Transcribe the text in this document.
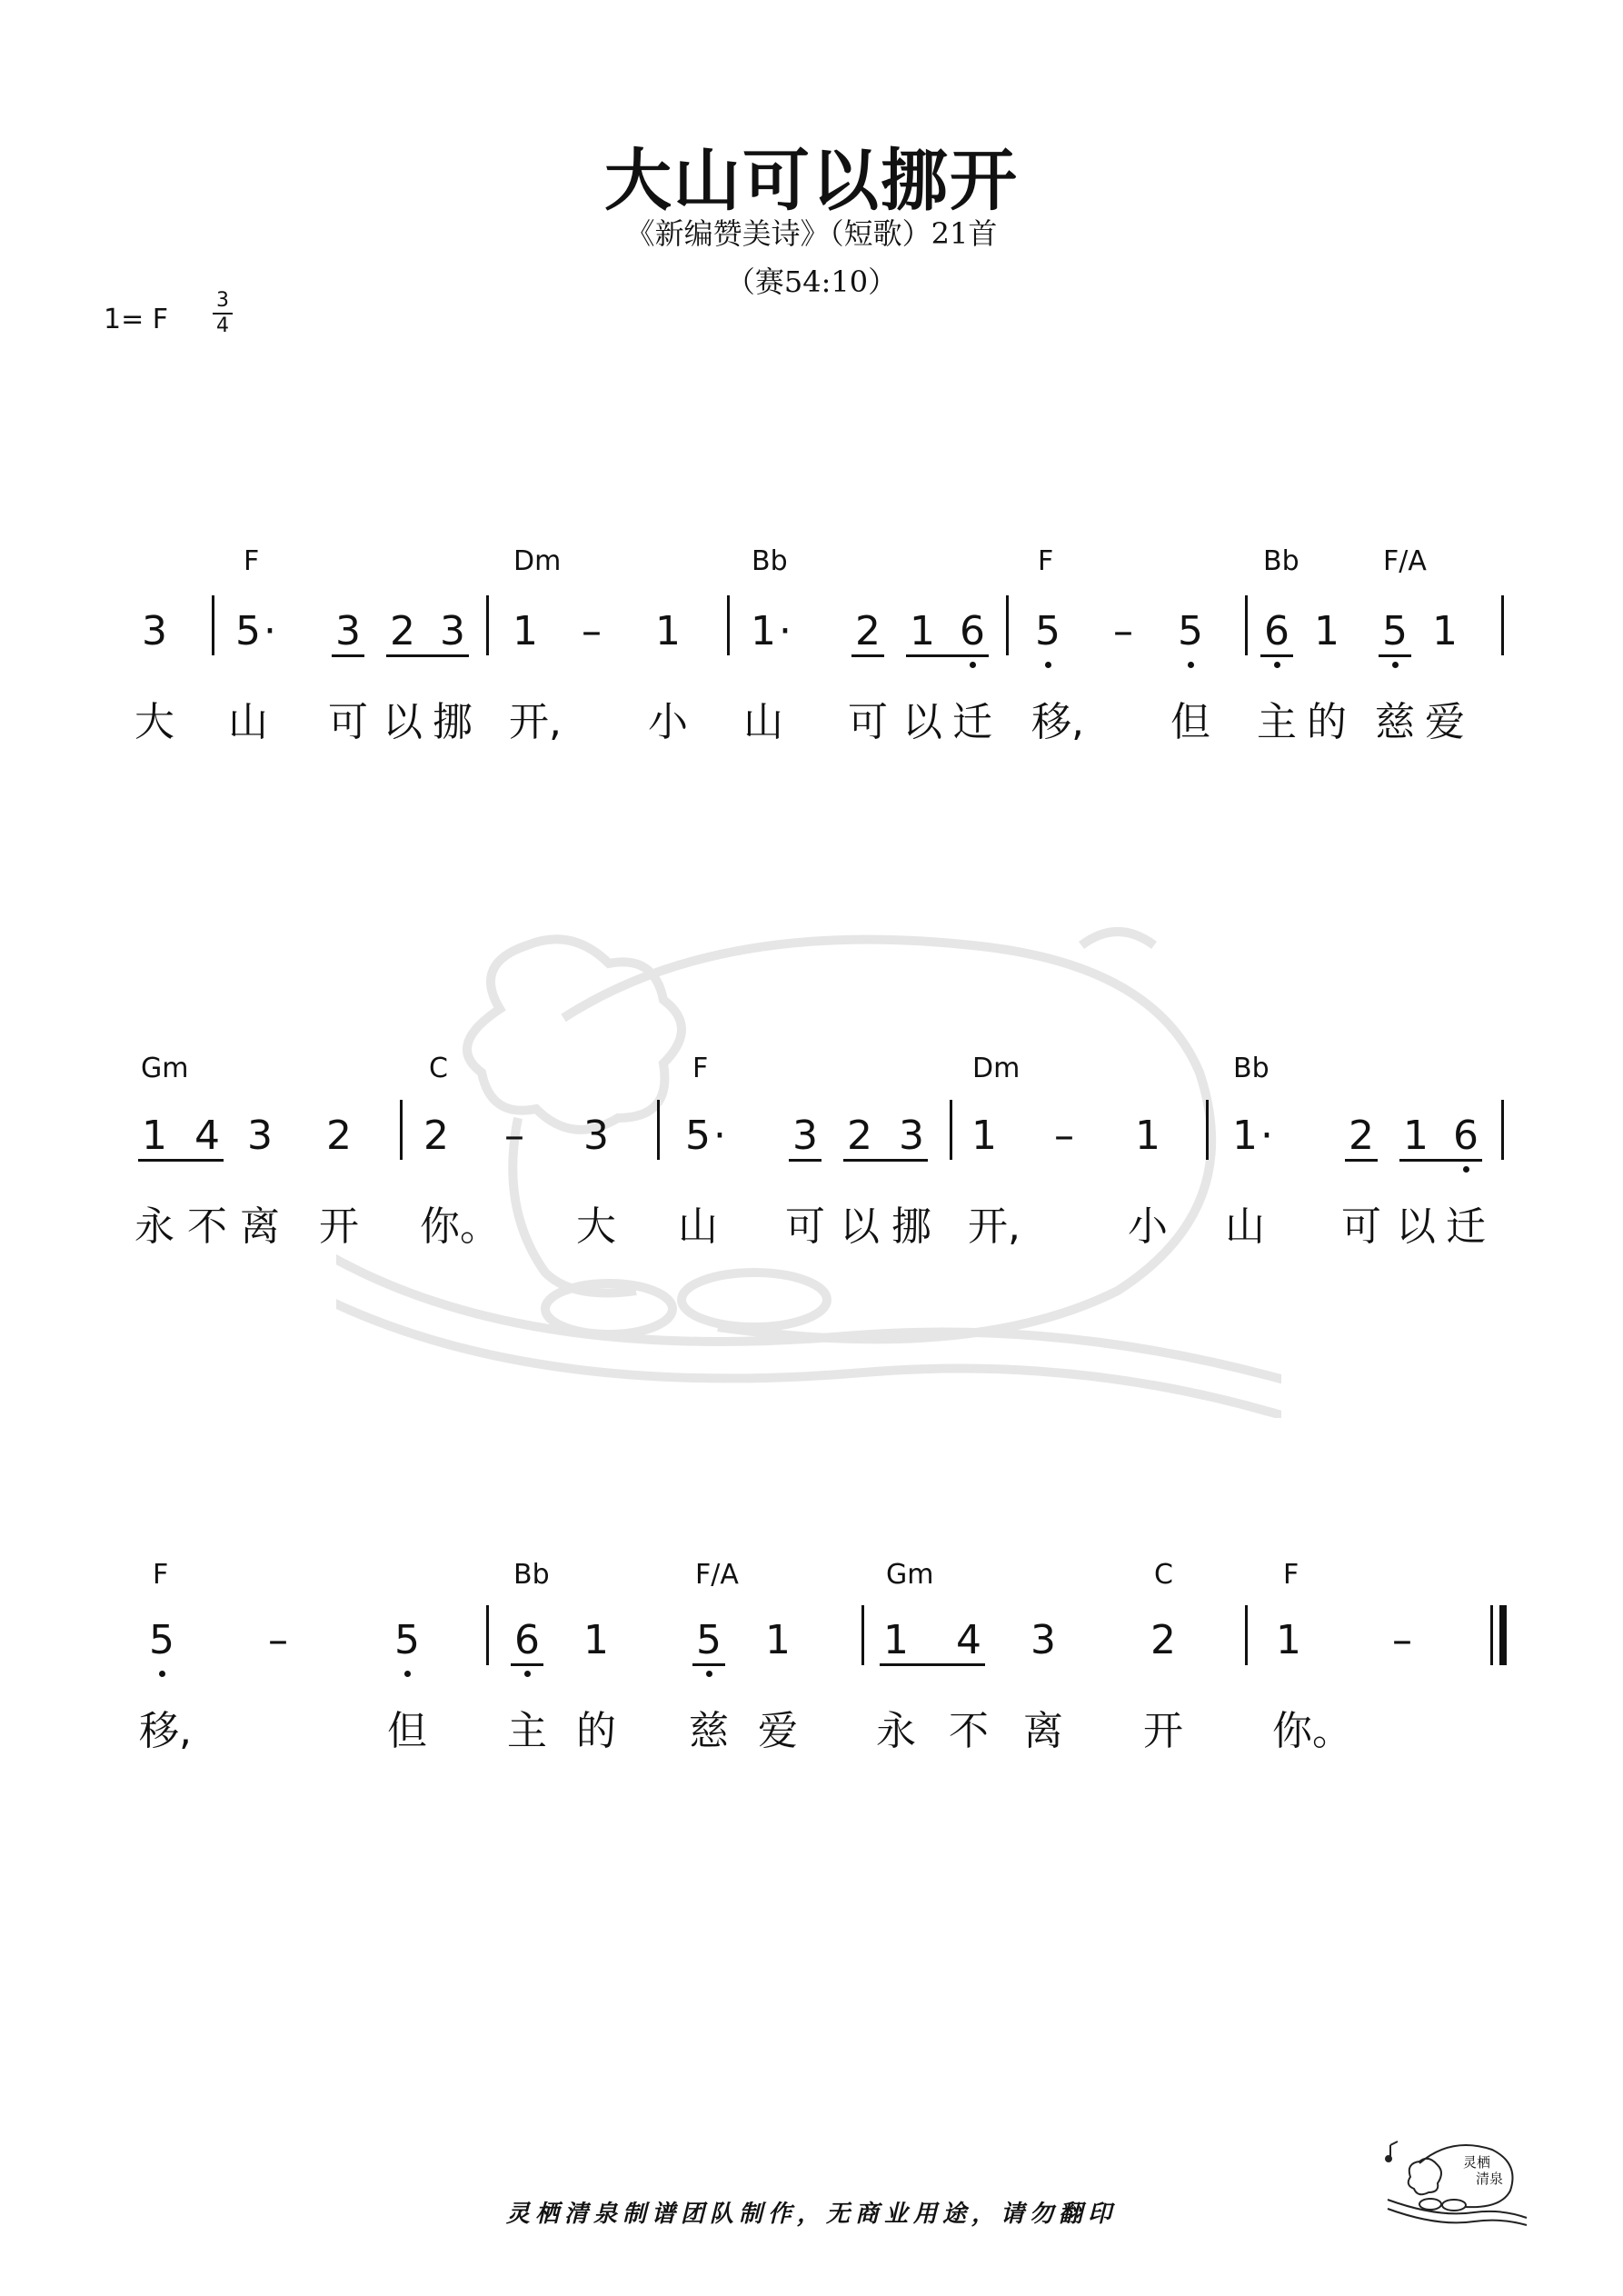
大山可以挪开
《新编赞美诗》（短歌）21首
（赛54:10）
1= F
3
4
F	Dm	Bb	F	Bb	F/A
3 5 · 3 2 3 1 – 1 1 · 2 1 6 5 – 5 6 1 5 1
大 山 可 以 挪 开, 小 山 可 以 迁 移, 但 主 的 慈 爱
Gm	C	F	Dm	Bb
1 4 3 2 2 – 3 5 · 3 2 3 1 – 1 1 · 2 1 6
永 不 离 开 你。 大 山 可 以 挪 开,	小 山 可 以 迁
F	Bb	F/A	Gm	C	F
5 –	5 6 1 5 1 1 4 3 2	1 –
移,	但 主 的 慈 爱 永 不 离 开 你。
灵栖清泉制谱团队制作，无商业用途，请勿翻印
灵栖
清泉
